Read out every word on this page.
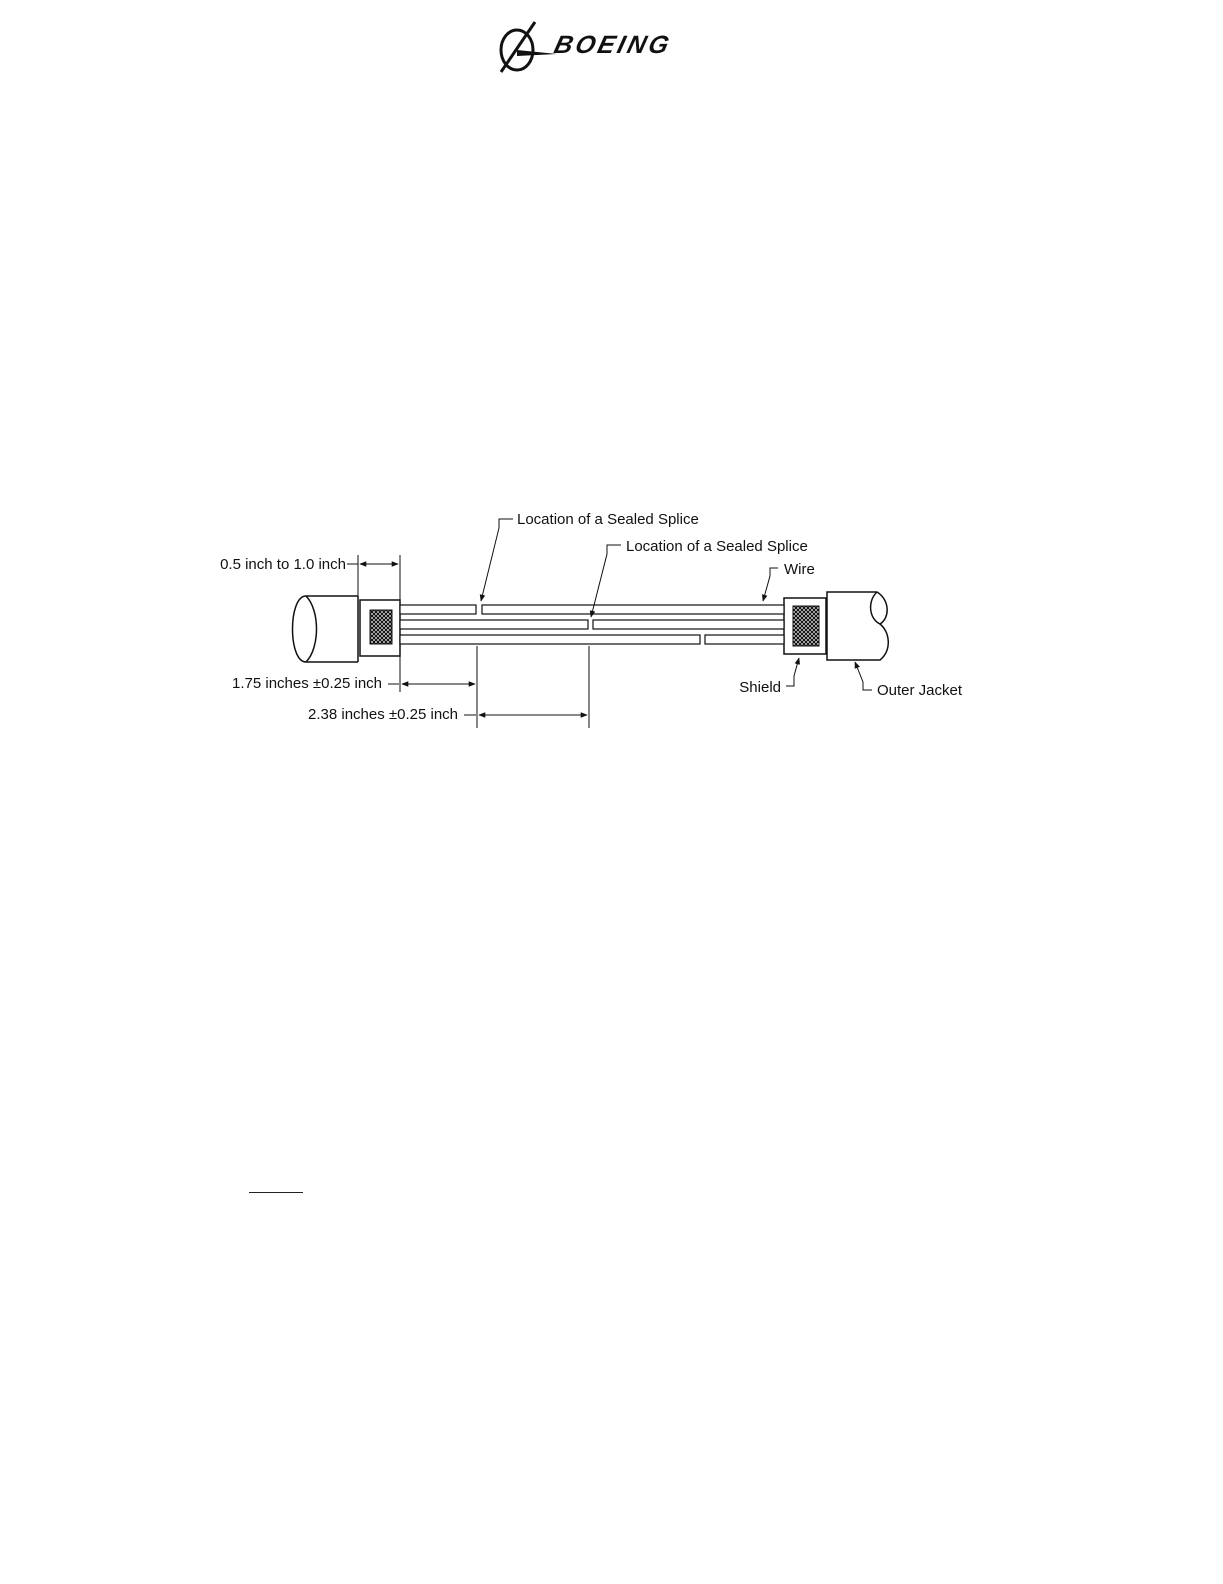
BOEING
Location of a Sealed Splice
Location of a Sealed Splice
Wire
0.5 inch to 1.0 inch
1.75 inches ±0.25 inch
2.38 inches ±0.25 inch
Shield	Outer Jacket
